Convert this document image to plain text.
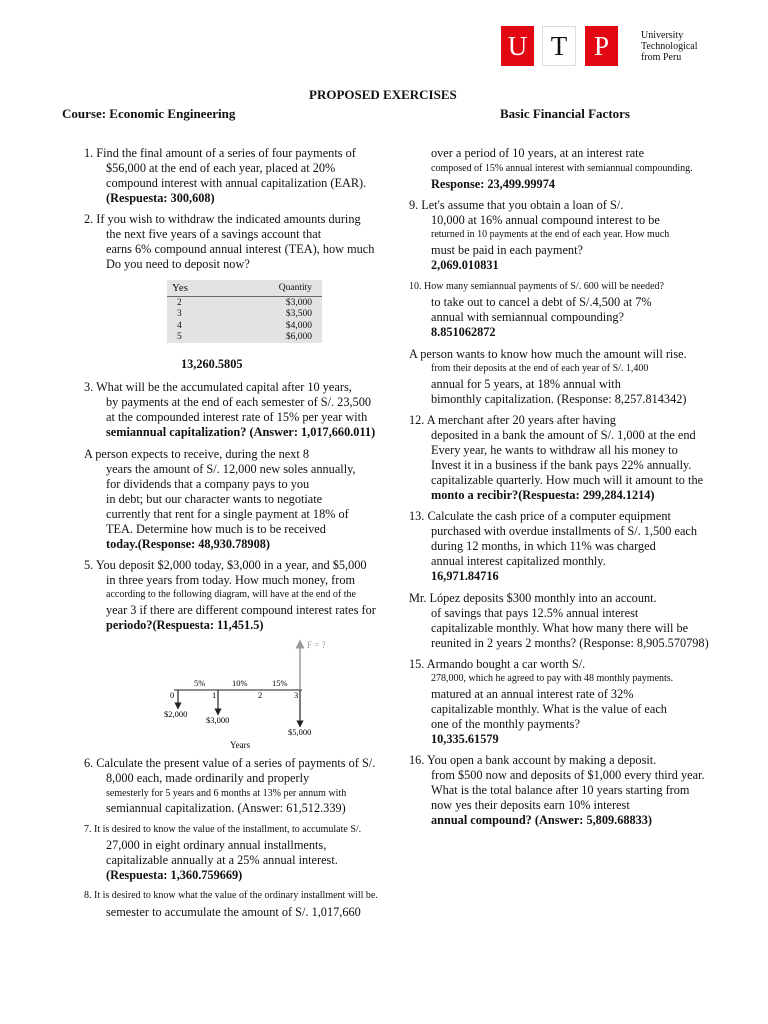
U T P	University
Technological
from Peru
PROPOSED EXERCISES
Course: Economic Engineering	Basic Financial Factors
1. Find the final amount of a series of four payments of
$56,000 at the end of each year, placed at 20%
compound interest with annual capitalization (EAR).
(Respuesta: 300,608)
2. If you wish to withdraw the indicated amounts during
the next five years of a savings account that
earns 6% compound annual interest (TEA), how much
Do you need to deposit now?
13,260.5805
3. What will be the accumulated capital after 10 years,
by payments at the end of each semester of S/. 23,500
at the compounded interest rate of 15% per year with
semiannual capitalization? (Answer: 1,017,660.011)
A person expects to receive, during the next 8
years the amount of S/. 12,000 new soles annually,
for dividends that a company pays to you
in debt; but our character wants to negotiate
currently that rent for a single payment at 18% of
TEA. Determine how much is to be received
today.(Response: 48,930.78908)
5. You deposit $2,000 today, $3,000 in a year, and $5,000
in three years from today. How much money, from
according to the following diagram, will have at the end of the
year 3 if there are different compound interest rates for
periodo?(Respuesta: 11,451.5)
6. Calculate the present value of a series of payments of S/.
8,000 each, made ordinarily and properly
semesterly for 5 years and 6 months at 13% per annum with
semiannual capitalization. (Answer: 61,512.339)
7. It is desired to know the value of the installment, to accumulate S/.
27,000 in eight ordinary annual installments,
capitalizable annually at a 25% annual interest.
(Respuesta: 1,360.759669)
8. It is desired to know what the value of the ordinary installment will be.
semester to accumulate the amount of S/. 1,017,660
over a period of 10 years, at an interest rate
composed of 15% annual interest with semiannual compounding.
Response: 23,499.99974
9. Let's assume that you obtain a loan of S/.
10,000 at 16% annual compound interest to be
returned in 10 payments at the end of each year. How much
must be paid in each payment?
2,069.010831
10. How many semiannual payments of S/. 600 will be needed?
to take out to cancel a debt of S/.4,500 at 7%
annual with semiannual compounding?
8.851062872
A person wants to know how much the amount will rise.
from their deposits at the end of each year of S/. 1,400
annual for 5 years, at 18% annual with
bimonthly capitalization. (Response: 8,257.814342)
12. A merchant after 20 years after having
deposited in a bank the amount of S/. 1,000 at the end
Every year, he wants to withdraw all his money to
Invest it in a business if the bank pays 22% annually.
capitalizable quarterly. How much will it amount to the
monto a recibir?(Respuesta: 299,284.1214)
13. Calculate the cash price of a computer equipment
purchased with overdue installments of S/. 1,500 each
during 12 months, in which 11% was charged
annual interest capitalized monthly.
16,971.84716
Mr. López deposits $300 monthly into an account.
of savings that pays 12.5% annual interest
capitalizable monthly. What how many there will be
reunited in 2 years 2 months? (Response: 8,905.570798)
15. Armando bought a car worth S/.
278,000, which he agreed to pay with 48 monthly payments.
matured at an annual interest rate of 32%
capitalizable monthly. What is the value of each
one of the monthly payments?
10,335.61579
16. You open a bank account by making a deposit.
from $500 now and deposits of $1,000 every third year.
What is the total balance after 10 years starting from
now yes their deposits earn 10% interest
annual compound? (Answer: 5,809.68833)
Yes	Quantity
2	$3,000
3	$3,500
4	$4,000
5	$6,000
F = ?
5%	10%	15%
0	1	2	3
$2,000
$3,000
$5,000
Years
